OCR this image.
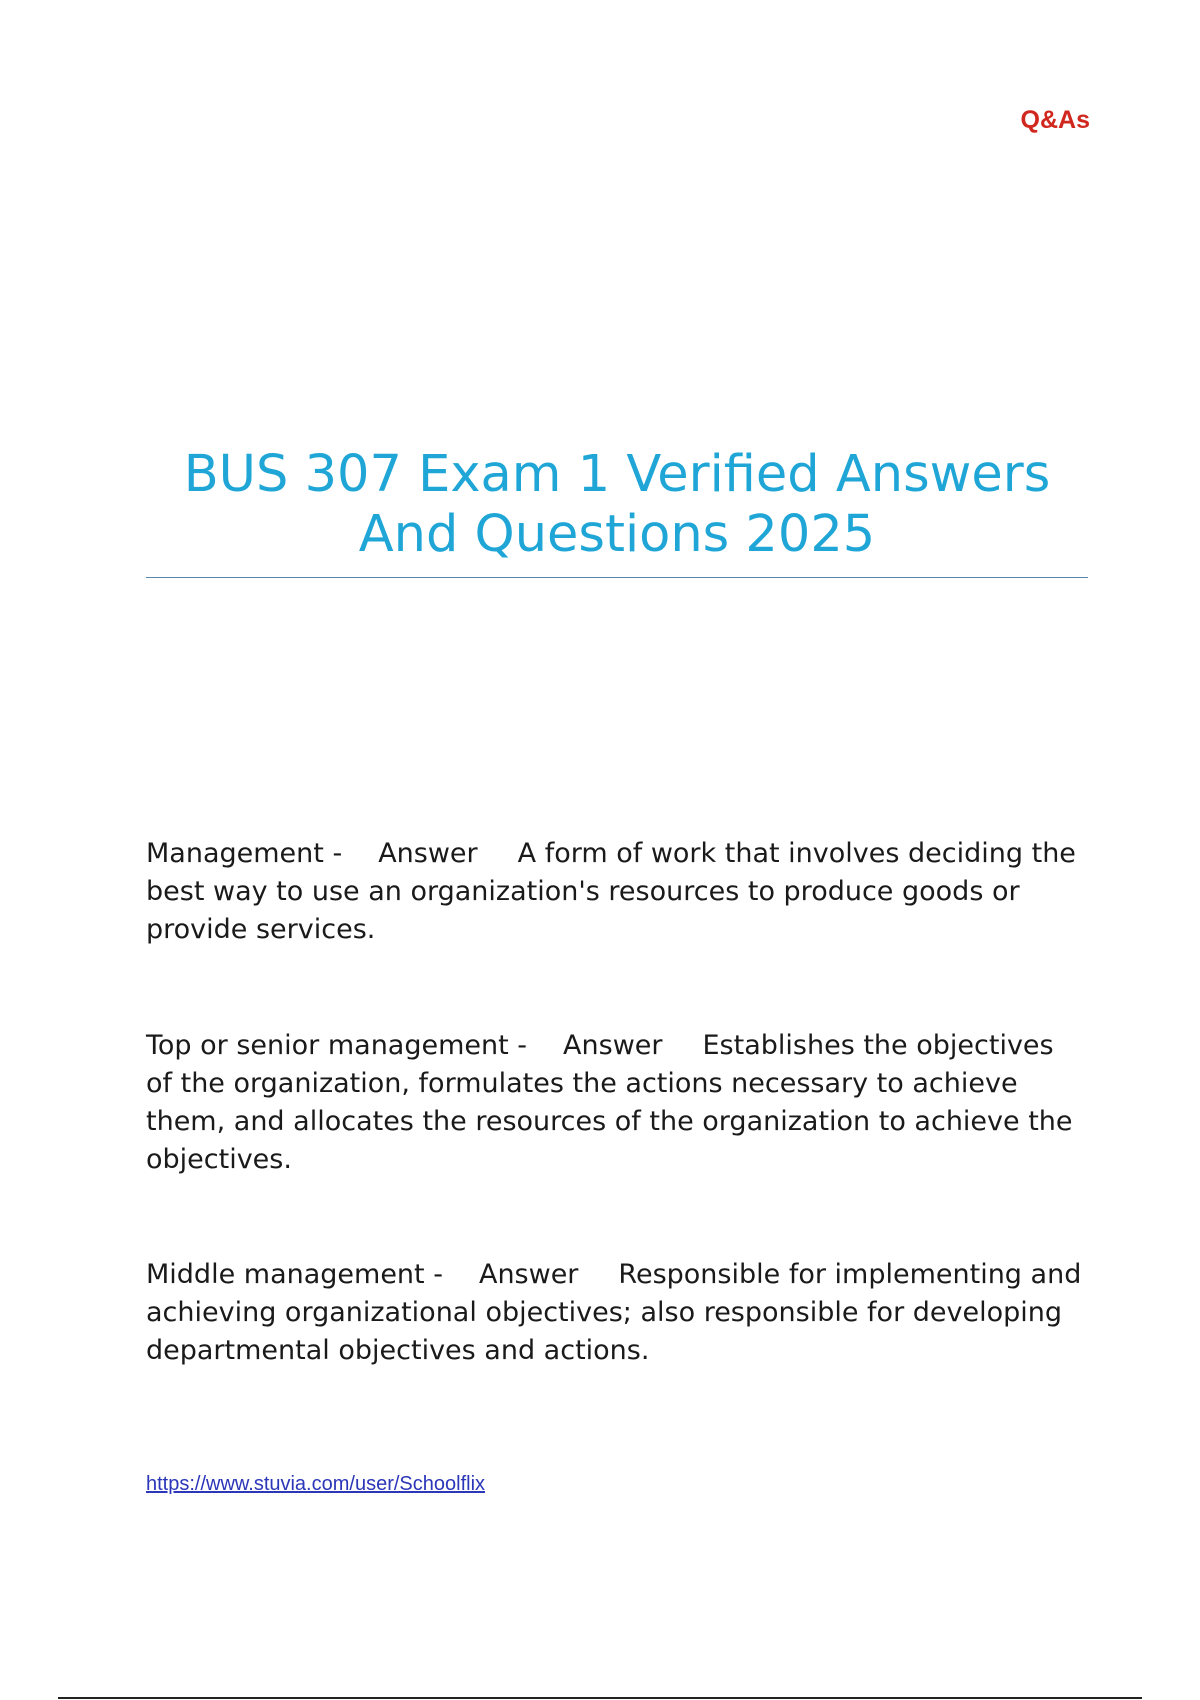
Q&As
BUS 307 Exam 1 Verified Answers
And Questions 2025
Management - Answer A form of work that involves deciding the best way to use an organization's resources to produce goods or provide services.
Top or senior management - Answer Establishes the objectives of the organization, formulates the actions necessary to achieve them, and allocates the resources of the organization to achieve the objectives.
Middle management - Answer Responsible for implementing and achieving organizational objectives; also responsible for developing departmental objectives and actions.
https://www.stuvia.com/user/Schoolflix
